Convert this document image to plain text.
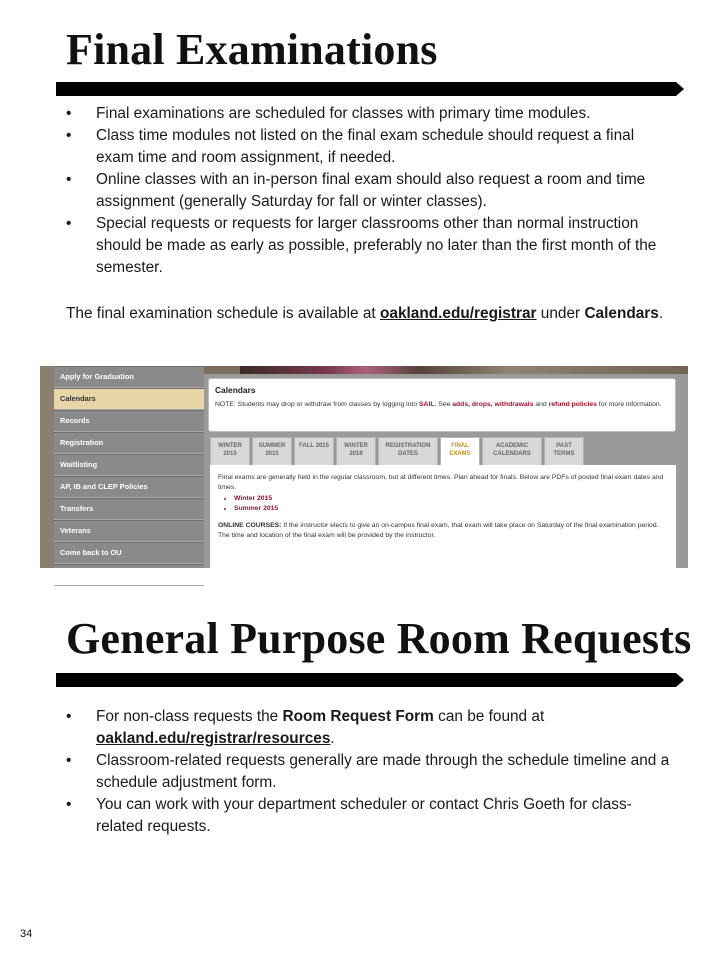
Final Examinations
• Final examinations are scheduled for classes with primary time modules.
• Class time modules not listed on the final exam schedule should request a final exam time and room assignment, if needed.
• Online classes with an in-person final exam should also request a room and time assignment (generally Saturday for fall or winter classes).
• Special requests or requests for larger classrooms other than normal instruction should be made as early as possible, preferably no later than the first month of the semester.

The final examination schedule is available at oakland.edu/registrar under Calendars.

Apply for Graduation
Calendars
Records
Registration
Waitlisting
AP, IB and CLEP Policies
Transfers
Veterans
Come back to OU
Faculty/Staff Resources
Calendars
NOTE: Students may drop or withdraw from classes by logging into SAIL. See adds, drops, withdrawals and refund policies for more information.
WINTER
2015
SUMMER
2015
FALL 2015	WINTER
2016
REGISTRATION
DATES
FINAL
EXAMS
ACADEMIC
CALENDARS
PAST
TERMS

Final exams are generally held in the regular classroom, but at different times. Plan ahead for finals. Below are PDFs of posted final exam dates and times.

• Winter 2015
• Summer 2015

ONLINE COURSES: If the instructor elects to give an on-campus final exam, that exam will take place on Saturday of the final examination period. The time and location of the final exam will be provided by the instructor.

General Purpose Room Requests
• For non-class requests the Room Request Form can be found at oakland.edu/registrar/resources.
• Classroom-related requests generally are made through the schedule timeline and a schedule adjustment form.
• You can work with your department scheduler or contact Chris Goeth for class-related requests.
34
